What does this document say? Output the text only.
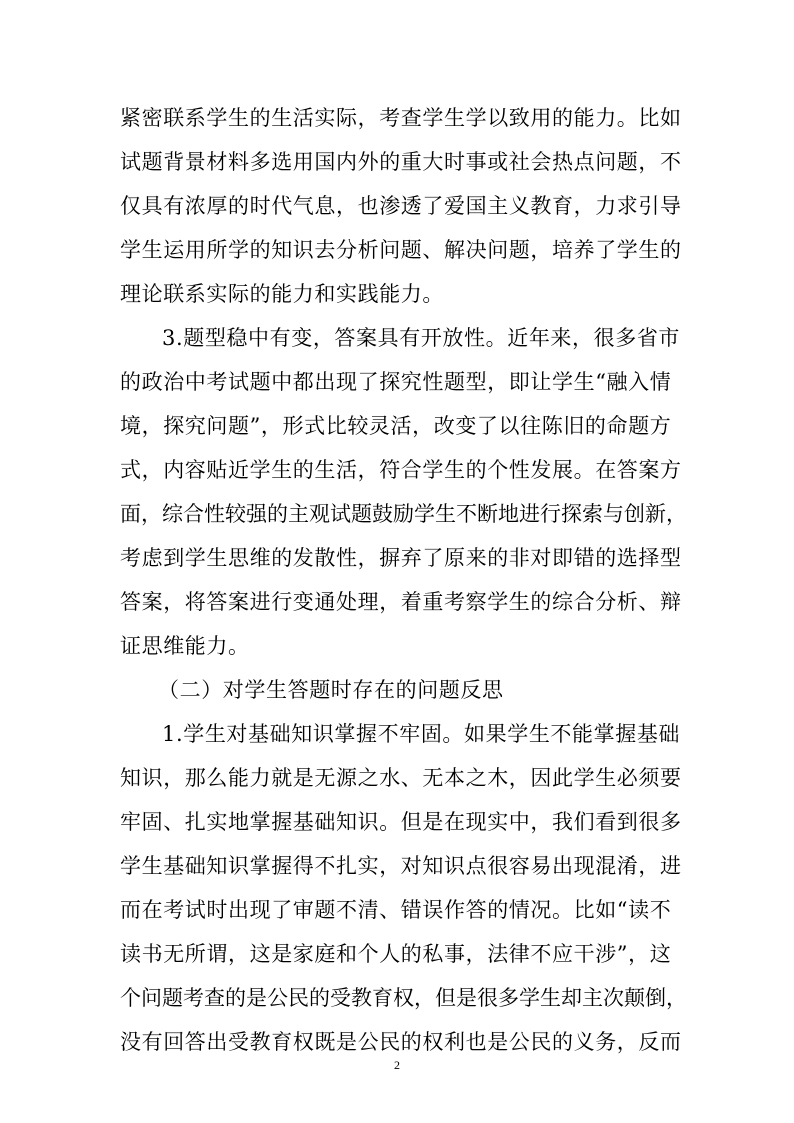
紧密联系学生的生活实际，考查学生学以致用的能力。比如
试题背景材料多选用国内外的重大时事或社会热点问题，不
仅具有浓厚的时代气息，也渗透了爱国主义教育，力求引导
学生运用所学的知识去分析问题、解决问题，培养了学生的
理论联系实际的能力和实践能力。
3.题型稳中有变，答案具有开放性。近年来，很多省市
的政治中考试题中都出现了探究性题型，即让学生“融入情
境，探究问题”，形式比较灵活，改变了以往陈旧的命题方
式，内容贴近学生的生活，符合学生的个性发展。在答案方
面，综合性较强的主观试题鼓励学生不断地进行探索与创新，
考虑到学生思维的发散性，摒弃了原来的非对即错的选择型
答案，将答案进行变通处理，着重考察学生的综合分析、辩
证思维能力。
（二）对学生答题时存在的问题反思
1.学生对基础知识掌握不牢固。如果学生不能掌握基础
知识，那么能力就是无源之水、无本之木，因此学生必须要
牢固、扎实地掌握基础知识。但是在现实中，我们看到很多
学生基础知识掌握得不扎实，对知识点很容易出现混淆，进
而在考试时出现了审题不清、错误作答的情况。比如“读不
读书无所谓，这是家庭和个人的私事，法律不应干涉”，这
个问题考查的是公民的受教育权，但是很多学生却主次颠倒，
没有回答出受教育权既是公民的权利也是公民的义务，反而
2
